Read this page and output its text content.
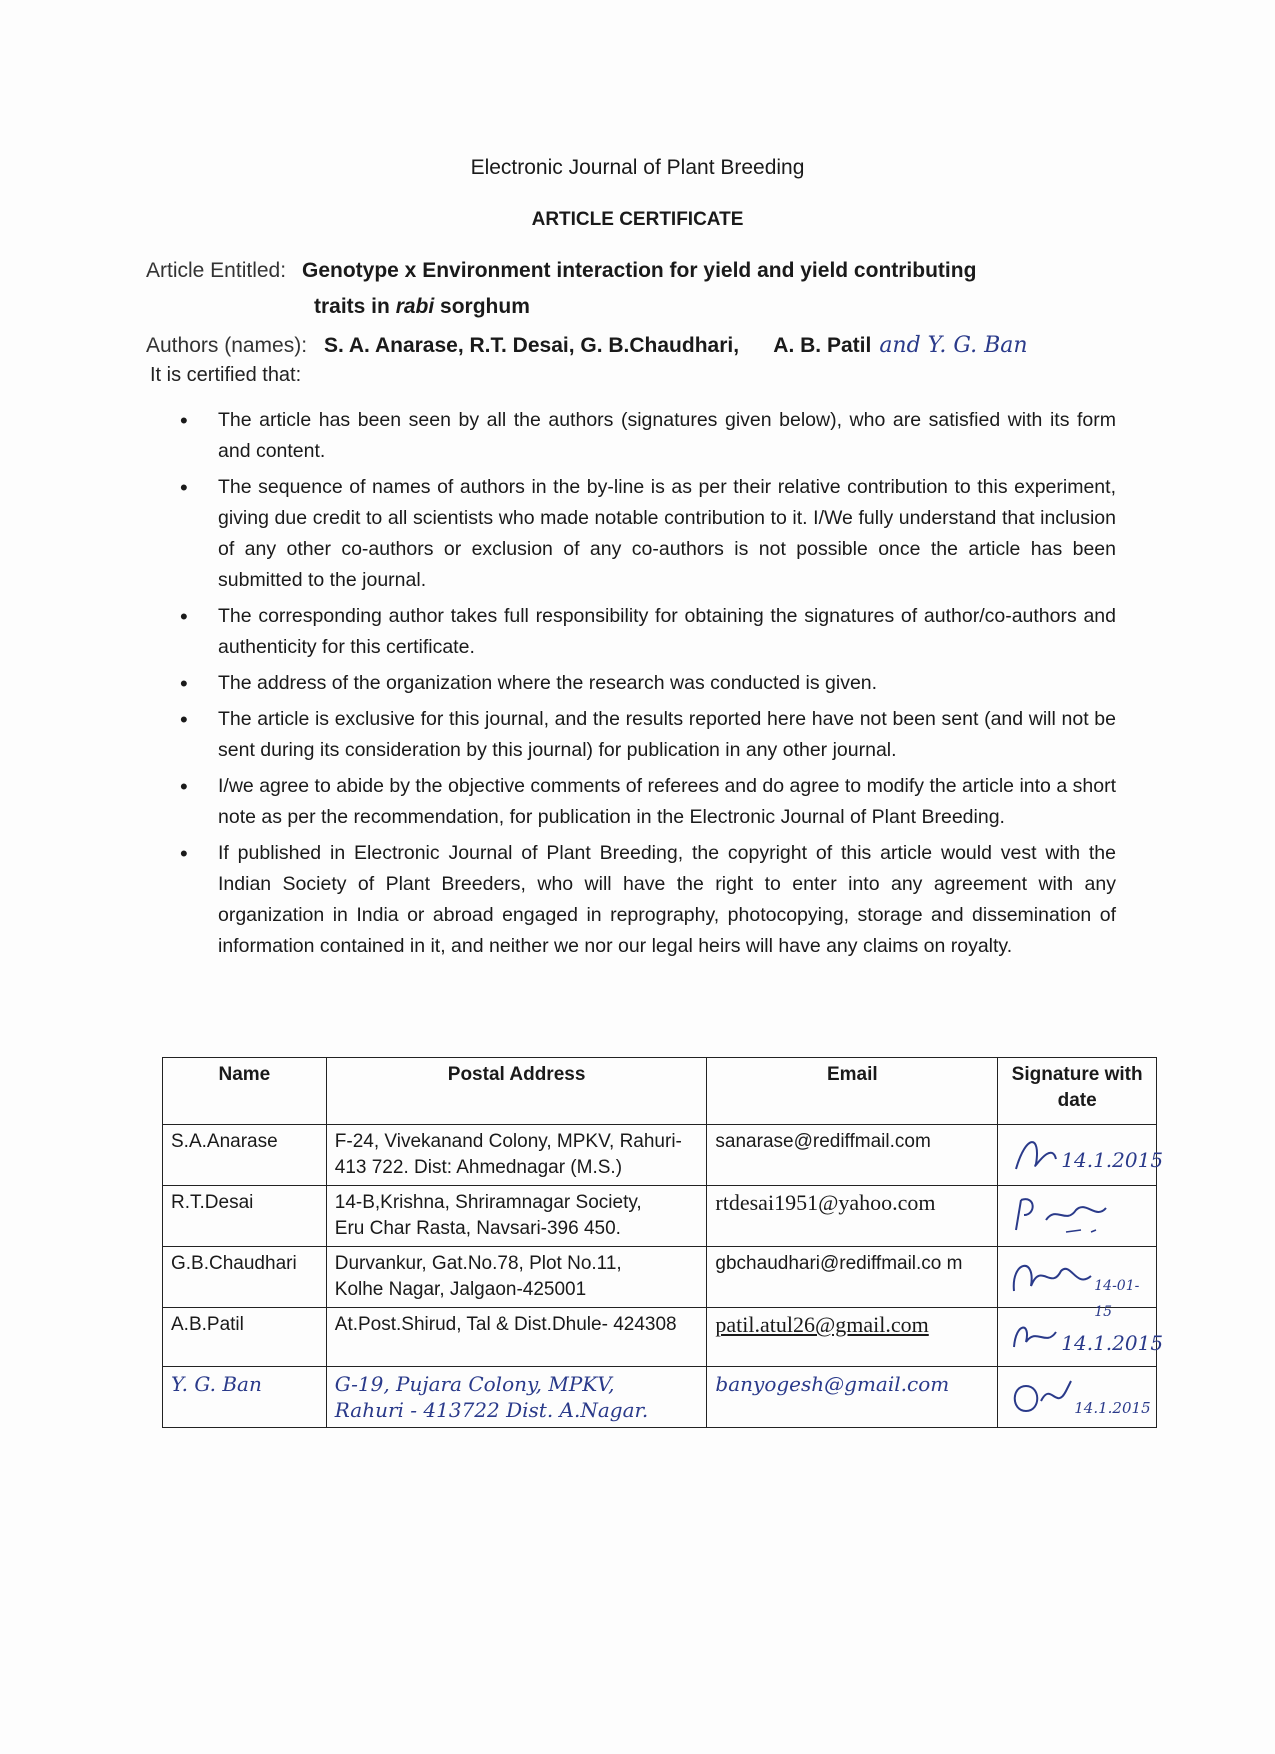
Electronic Journal of Plant Breeding
ARTICLE CERTIFICATE
Article Entitled: Genotype x Environment interaction for yield and yield contributing
traits in rabi sorghum
Authors (names): S. A. Anarase, R.T. Desai, G. B.Chaudhari,      A. B. Patil and Y. G. Ban
It is certified that:
• The article has been seen by all the authors (signatures given below), who are satisfied with its form and content.
• The sequence of names of authors in the by-line is as per their relative contribution to this experiment, giving due credit to all scientists who made notable contribution to it. I/We fully understand that inclusion of any other co-authors or exclusion of any co-authors is not possible once the article has been submitted to the journal.
• The corresponding author takes full responsibility for obtaining the signatures of author/co-authors and authenticity for this certificate.
• The address of the organization where the research was conducted is given.
• The article is exclusive for this journal, and the results reported here have not been sent (and will not be sent during its consideration by this journal) for publication in any other journal.
• I/we agree to abide by the objective comments of referees and do agree to modify the article into a short note as per the recommendation, for publication in the Electronic Journal of Plant Breeding.
• If published in Electronic Journal of Plant Breeding, the copyright of this article would vest with the Indian Society of Plant Breeders, who will have the right to enter into any agreement with any organization in India or abroad engaged in reprography, photocopying, storage and dissemination of information contained in it, and neither we nor our legal heirs will have any claims on royalty.
Name	Postal Address	Email	Signature with date
S.A.Anarase	F-24, Vivekanand Colony, MPKV, Rahuri-
413 722. Dist: Ahmednagar (M.S.)	sanarase@rediffmail.com	14.1.2015

R.T.Desai	14-B,Krishna, Shriramnagar Society,
Eru Char Rasta, Navsari-396 450.	rtdesai1951@yahoo.com	

G.B.Chaudhari	Durvankur, Gat.No.78, Plot No.11,
Kolhe Nagar, Jalgaon-425001	gbchaudhari@rediffmail.co m	14-01-15

A.B.Patil	At.Post.Shirud, Tal & Dist.Dhule- 424308	patil.atul26@gmail.com	14.1.2015

Y. G. Ban	G-19, Pujara Colony, MPKV,
Rahuri - 413722 Dist. A.Nagar.	banyogesh@gmail.com	14.1.2015
